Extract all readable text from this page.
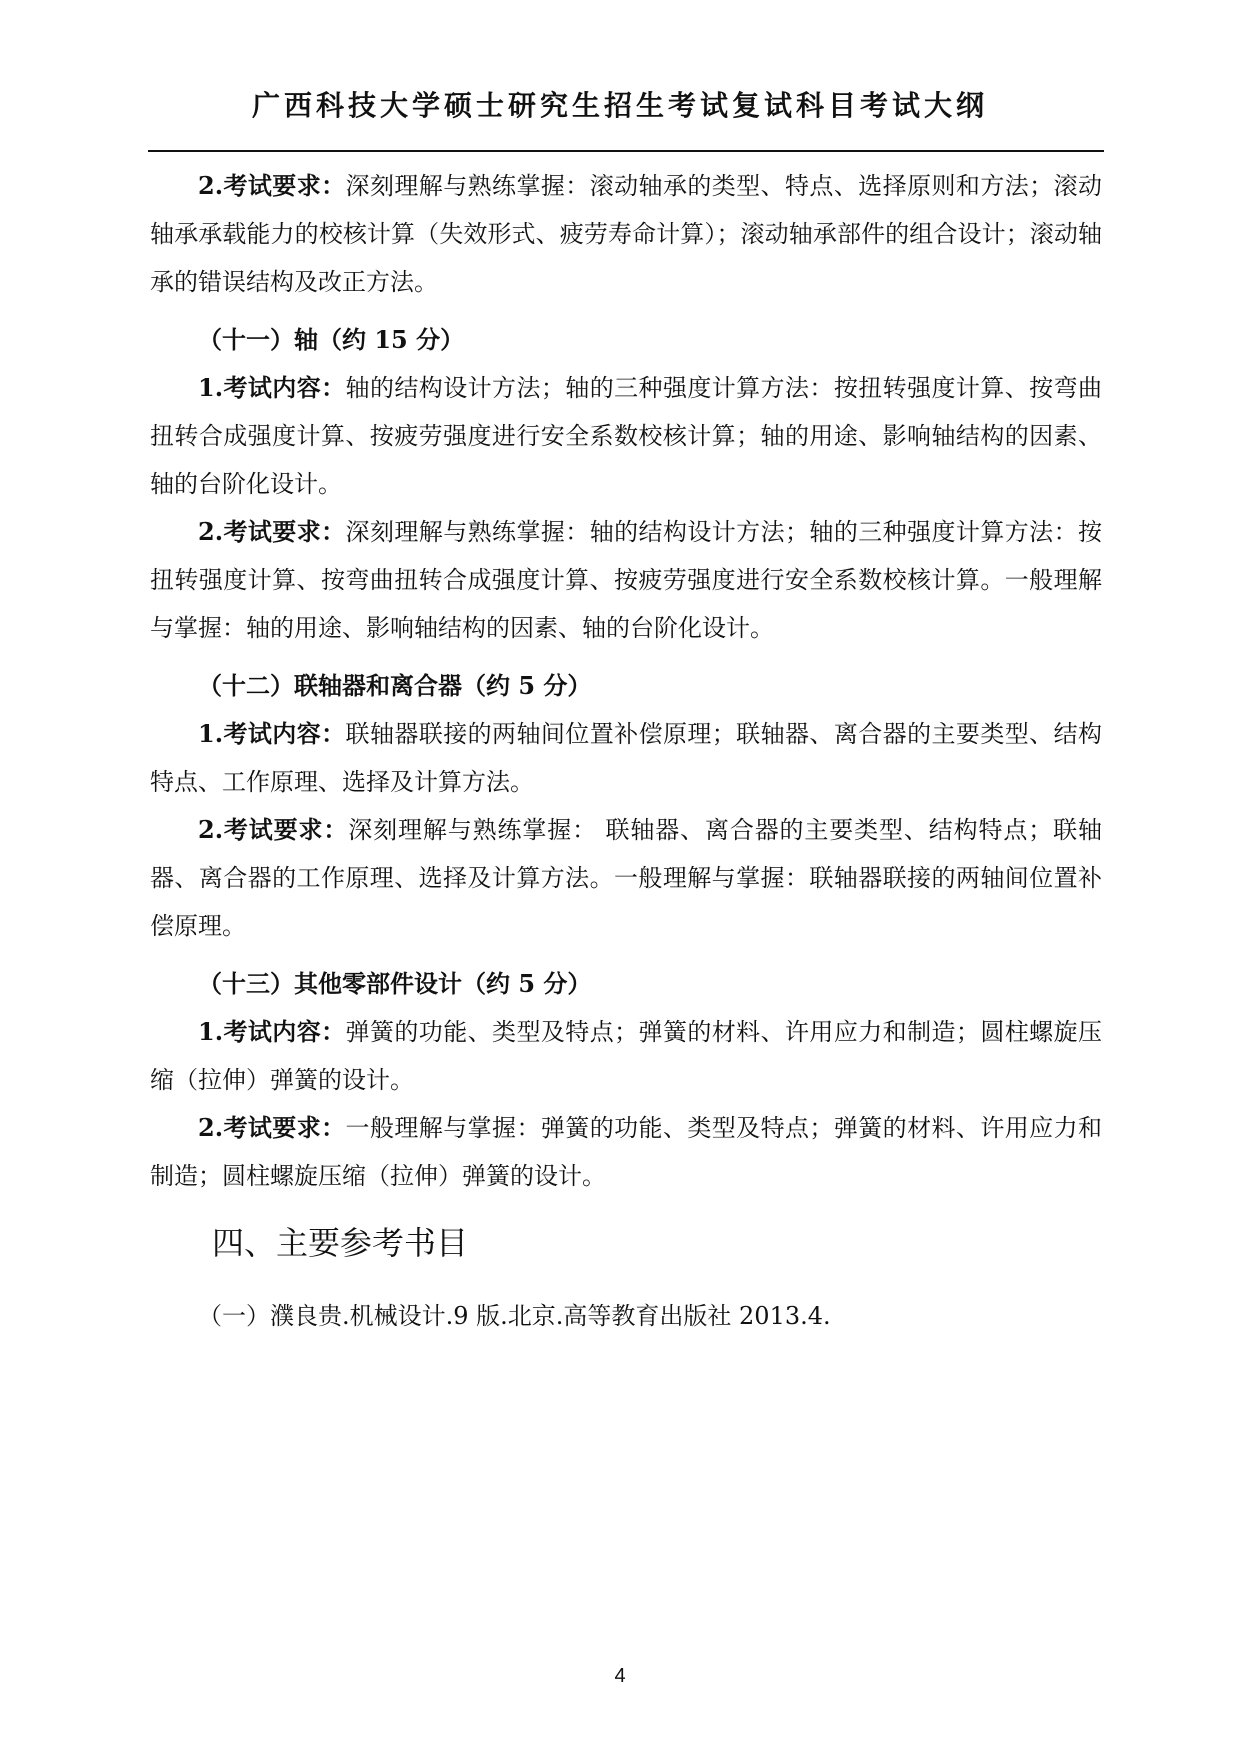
广西科技大学硕士研究生招生考试复试科目考试大纲

2.考试要求：深刻理解与熟练掌握：滚动轴承的类型、特点、选择原则和方法；滚动轴承承载能力的校核计算（失效形式、疲劳寿命计算）；滚动轴承部件的组合设计；滚动轴承的错误结构及改正方法。

（十一）轴（约 15 分）

1.考试内容：轴的结构设计方法；轴的三种强度计算方法：按扭转强度计算、按弯曲扭转合成强度计算、按疲劳强度进行安全系数校核计算；轴的用途、影响轴结构的因素、轴的台阶化设计。

2.考试要求：深刻理解与熟练掌握：轴的结构设计方法；轴的三种强度计算方法：按扭转强度计算、按弯曲扭转合成强度计算、按疲劳强度进行安全系数校核计算。一般理解与掌握：轴的用途、影响轴结构的因素、轴的台阶化设计。

（十二）联轴器和离合器（约 5 分）

1.考试内容：联轴器联接的两轴间位置补偿原理；联轴器、离合器的主要类型、结构特点、工作原理、选择及计算方法。

2.考试要求：深刻理解与熟练掌握： 联轴器、离合器的主要类型、结构特点；联轴器、离合器的工作原理、选择及计算方法。一般理解与掌握：联轴器联接的两轴间位置补偿原理。

（十三）其他零部件设计（约 5 分）

1.考试内容：弹簧的功能、类型及特点；弹簧的材料、许用应力和制造；圆柱螺旋压缩（拉伸）弹簧的设计。

2.考试要求：一般理解与掌握：弹簧的功能、类型及特点；弹簧的材料、许用应力和制造；圆柱螺旋压缩（拉伸）弹簧的设计。

四、主要参考书目

（一）濮良贵.机械设计.9 版.北京.高等教育出版社 2013.4.

4
